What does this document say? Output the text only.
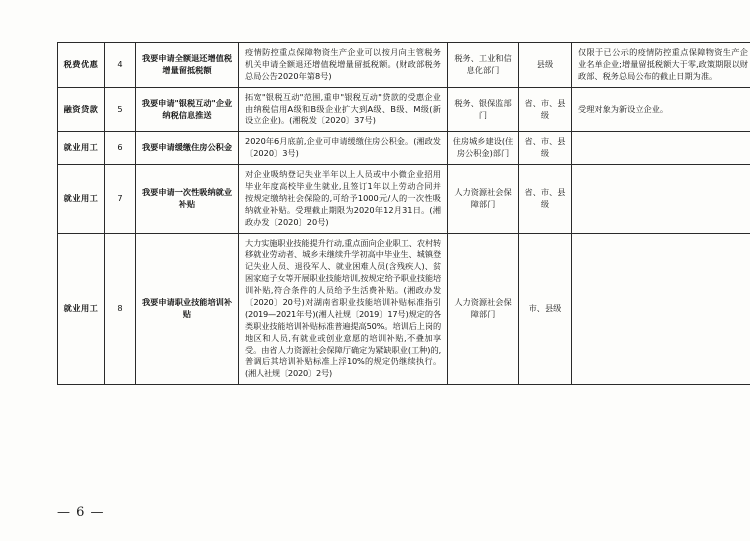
税费优惠	4	我要申请全额退还增值税增量留抵税额	疫情防控重点保障物资生产企业可以按月向主管税务机关申请全额退还增值税增量留抵税额。(财政部税务总局公告2020年第8号)	税务、工业和信息化部门	县级	仅限于已公示的疫情防控重点保障物资生产企业名单企业;增量留抵税额大于零,政策期限以财政部、税务总局公布的截止日期为准。
融资贷款	5	我要申请"银税互动"企业纳税信息推送	拓宽"银税互动"范围,重申"银税互动"贷款的受惠企业由纳税信用A级和B级企业扩大到A级、B级、M级(新设立企业)。(湘税发〔2020〕37号)	税务、银保监部门	省、市、县级	受理对象为新设立企业。
就业用工	6	我要申请缓缴住房公积金	2020年6月底前,企业可申请缓缴住房公积金。(湘政发〔2020〕3号)	住房城乡建设(住房公积金)部门	省、市、县级	
就业用工	7	我要申请一次性吸纳就业补贴	对企业吸纳登记失业半年以上人员或中小微企业招用毕业年度高校毕业生就业,且签订1年以上劳动合同并按规定缴纳社会保险的,可给予1000元/人的一次性吸纳就业补贴。受理截止期限为2020年12月31日。(湘政办发〔2020〕20号)	人力资源社会保障部门	省、市、县级	
就业用工	8	我要申请职业技能培训补贴	大力实施职业技能提升行动,重点面向企业职工、农村转移就业劳动者、城乡未继续升学初高中毕业生、城镇登记失业人员、退役军人、就业困难人员(含残疾人)、贫困家庭子女等开展职业技能培训,按规定给予职业技能培训补贴,符合条件的人员给予生活费补贴。(湘政办发〔2020〕20号)对湖南省职业技能培训补贴标准指引(2019—2021年号)(湘人社规〔2019〕17号)规定的各类职业技能培训补贴标准普遍提高50%。培训后上岗的地区和人员,有就业或创业意愿的培训补贴,不叠加享受。由省人力资源社会保障厅确定为紧缺职业(工种)的,普调后其培训补贴标准上浮10%的规定仍继续执行。(湘人社规〔2020〕2号)	人力资源社会保障部门	市、县级	
— 6 —
